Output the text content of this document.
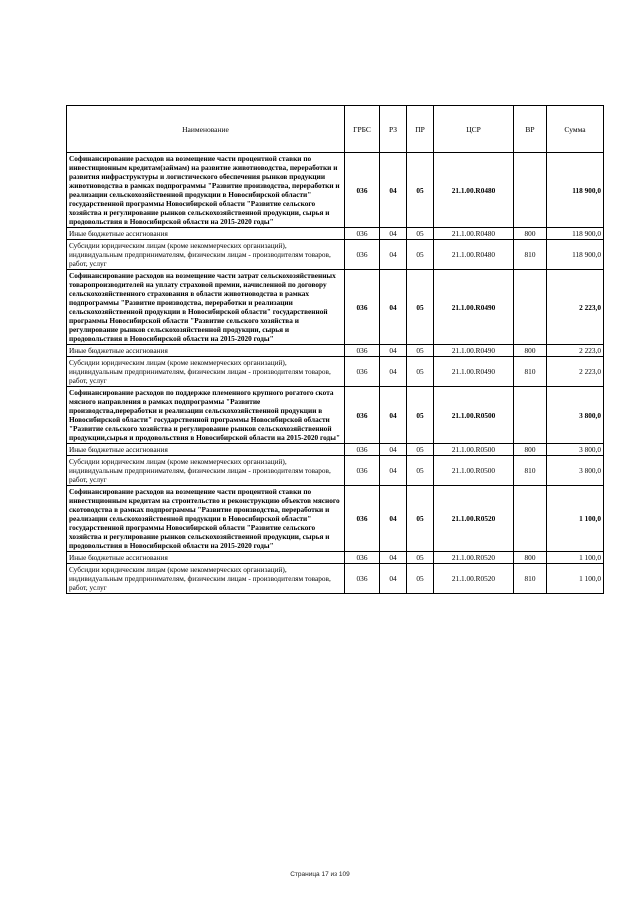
Наименование	ГРБС	РЗ	ПР	ЦСР	ВР	Сумма
Софинансирование расходов на возмещение части процентной ставки по инвестиционным кредитам(займам) на развитие животноводства, переработки и развития инфраструктуры и логистического обеспечения рынков продукции животноводства в рамках подпрограммы "Развитие производства, переработки и реализации сельскохозяйственной продукции в Новосибирской области" государственной программы Новосибирской области "Развитие сельского хозяйства и регулирование рынков сельскохозяйственной продукции, сырья и продовольствия в Новосибирской области на 2015-2020 годы"	036	04	05	21.1.00.R0480		118 900,0
Иные бюджетные ассигнования	036	04	05	21.1.00.R0480	800	118 900,0
Субсидии юридическим лицам (кроме некоммерческих организаций), индивидуальным предпринимателям, физическим лицам - производителям товаров, работ, услуг	036	04	05	21.1.00.R0480	810	118 900,0
Софинансирование расходов на возмещение части затрат сельскохозяйственных товаропроизводителей на уплату страховой премии, начисленной по договору сельскохозяйственного страхования в области животноводства в рамках подпрограммы "Развитие производства, переработки и реализации сельскохозяйственной продукции в Новосибирской области" государственной программы Новосибирской области "Развитие сельского хозяйства и регулирование рынков сельскохозяйственной продукции, сырья и продовольствия в Новосибирской области на 2015-2020 годы"	036	04	05	21.1.00.R0490		2 223,0
Иные бюджетные ассигнования	036	04	05	21.1.00.R0490	800	2 223,0
Субсидии юридическим лицам (кроме некоммерческих организаций), индивидуальным предпринимателям, физическим лицам - производителям товаров, работ, услуг	036	04	05	21.1.00.R0490	810	2 223,0
Софинансирование расходов по поддержке племенного крупного рогатого скота мясного направления в рамках подпрограммы "Развитие производства,переработки и реализации сельскохозяйственной продукции в Новосибирской области" государственной программы Новосибирской области "Развитие сельского хозяйства и регулирование рынков сельскохозяйственной продукции,сырья и продовольствия в Новосибирской области на 2015-2020 годы"	036	04	05	21.1.00.R0500		3 800,0
Иные бюджетные ассигнования	036	04	05	21.1.00.R0500	800	3 800,0
Субсидии юридическим лицам (кроме некоммерческих организаций), индивидуальным предпринимателям, физическим лицам - производителям товаров, работ, услуг	036	04	05	21.1.00.R0500	810	3 800,0
Софинансирование расходов на возмещение части процентной ставки по инвестиционным кредитам на строительство и реконструкцию объектов мясного скотоводства в рамках подпрограммы "Развитие производства, переработки и реализации сельскохозяйственной продукции в Новосибирской области" государственной программы Новосибирской области "Развитие сельского хозяйства и регулирование рынков сельскохозяйственной продукции, сырья и продовольствия в Новосибирской области на 2015-2020 годы"	036	04	05	21.1.00.R0520		1 100,0
Иные бюджетные ассигнования	036	04	05	21.1.00.R0520	800	1 100,0
Субсидии юридическим лицам (кроме некоммерческих организаций), индивидуальным предпринимателям, физическим лицам - производителям товаров, работ, услуг	036	04	05	21.1.00.R0520	810	1 100,0
Страница 17 из 109
